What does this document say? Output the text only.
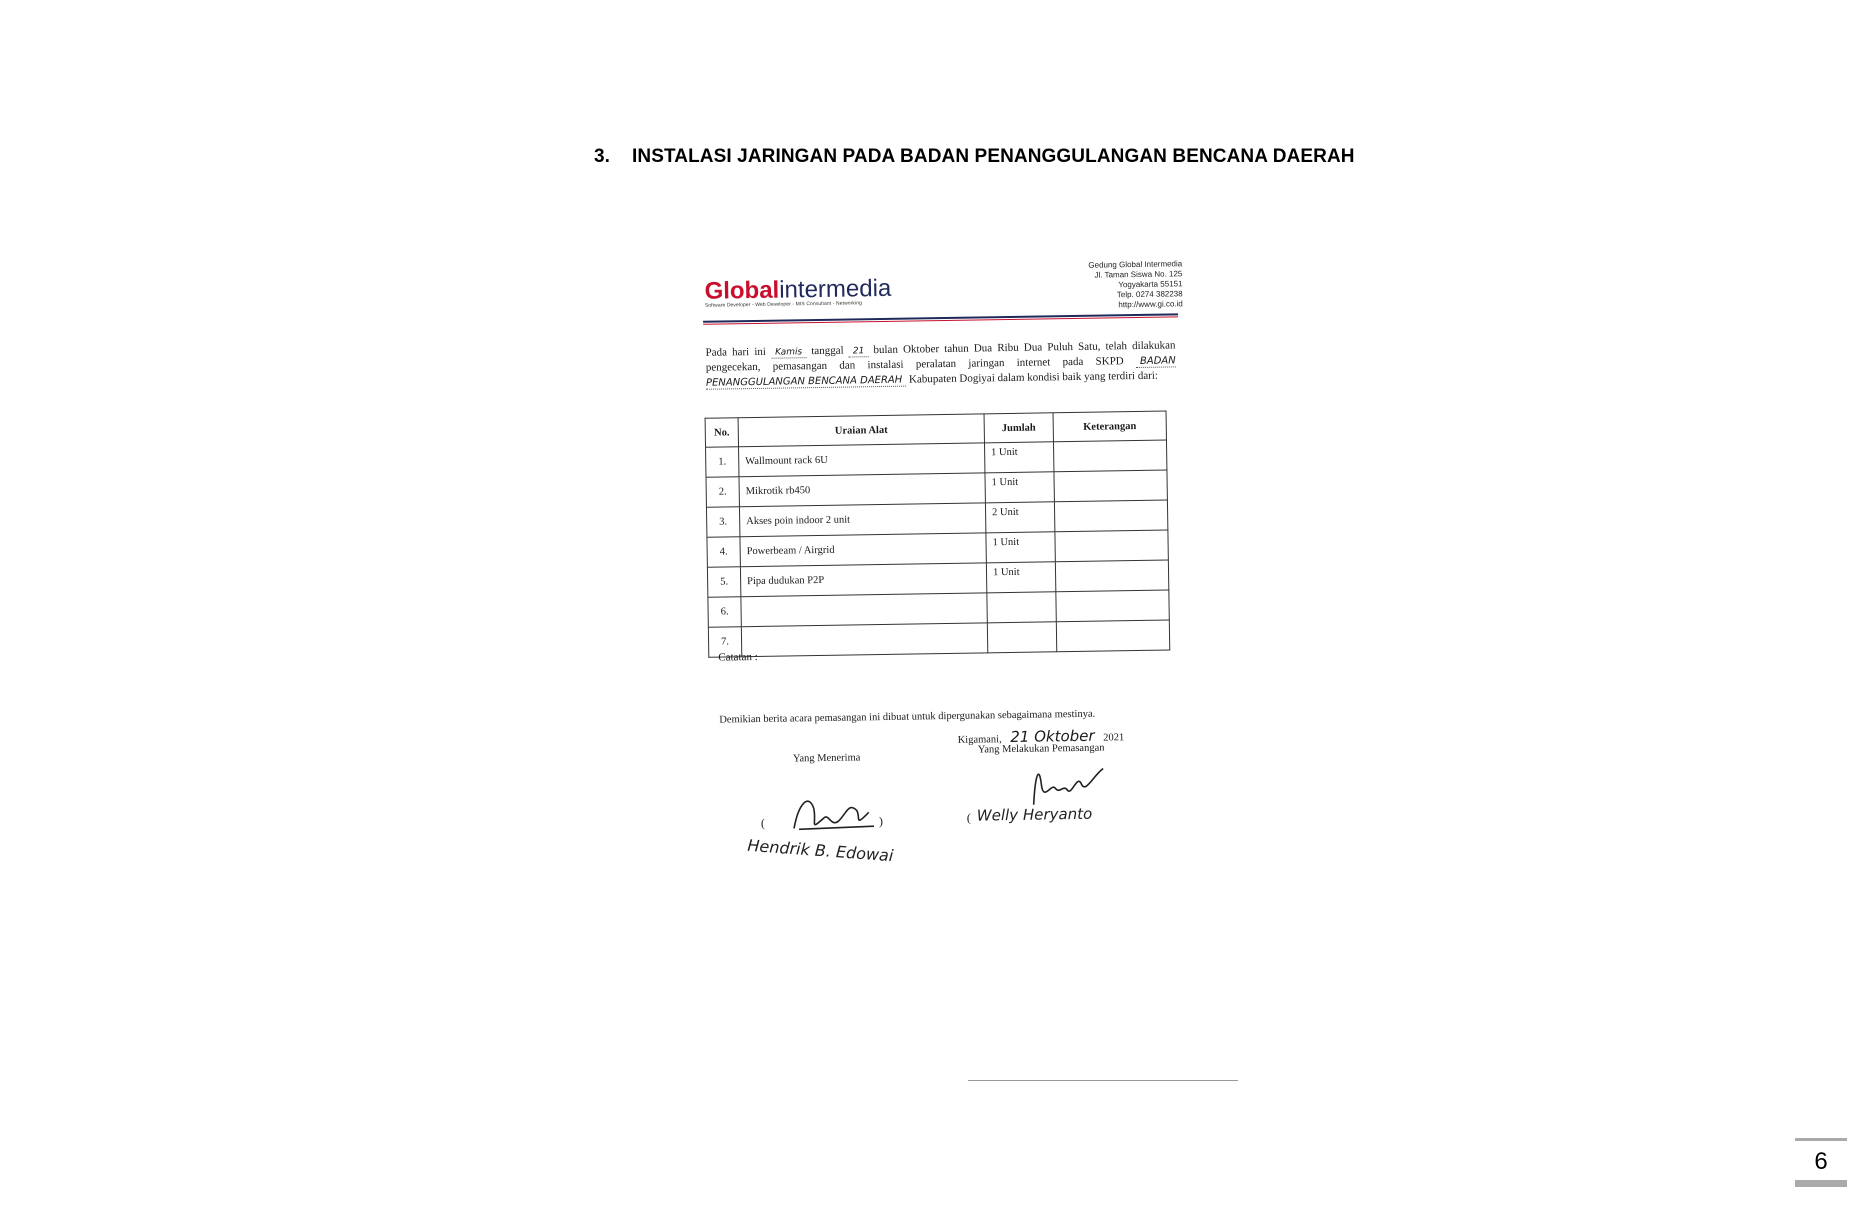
3. INSTALASI JARINGAN PADA BADAN PENANGGULANGAN BENCANA DAERAH
Globalintermedia
Software Developer - Web Developer - MIS Consultant - Networking
Gedung Global Intermedia
Jl. Taman Siswa No. 125
Yogyakarta 55151
Telp. 0274 382238
http://www.gi.co.id
Pada hari ini Kamis tanggal 21 bulan Oktober tahun Dua Ribu Dua Puluh Satu, telah dilakukan pengecekan, pemasangan dan instalasi peralatan jaringan internet pada SKPD BADAN PENANGGULANGAN BENCANA DAERAH Kabupaten Dogiyai dalam kondisi baik yang terdiri dari:
No.	Uraian Alat	Jumlah	Keterangan
1.	Wallmount rack 6U	1 Unit	
2.	Mikrotik rb450	1 Unit	
3.	Akses poin indoor 2 unit	2 Unit	
4.	Powerbeam / Airgrid	1 Unit	
5.	Pipa dudukan P2P	1 Unit	
6.			
7.			
Catatan :
Demikian berita acara pemasangan ini dibuat untuk dipergunakan sebagaimana mestinya.
Kigamani, 21 Oktober 2021
Yang Menerima
Yang Melakukan Pemasangan
(	)
Hendrik B. Edowai
( Welly Heryanto
6
